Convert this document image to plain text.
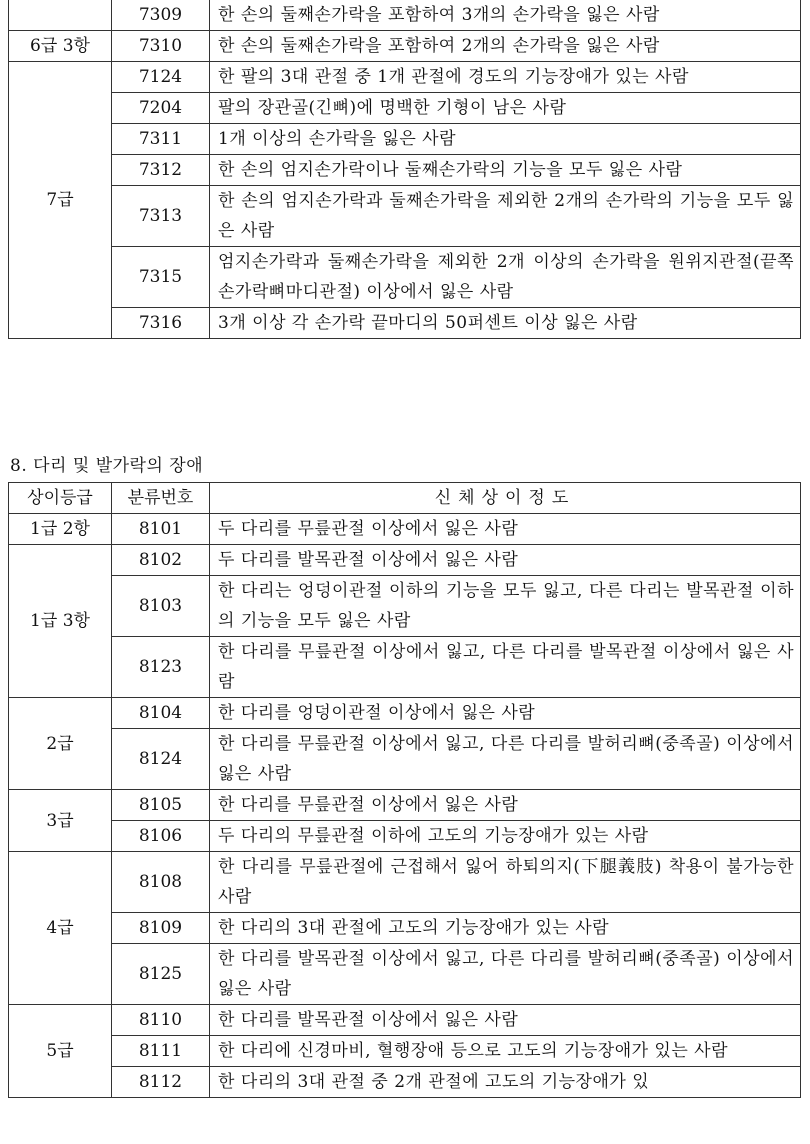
	7309	한 손의 둘째손가락을 포함하여 3개의 손가락을 잃은 사람
6급 3항	7310	한 손의 둘째손가락을 포함하여 2개의 손가락을 잃은 사람
7급	7124	한 팔의 3대 관절 중 1개 관절에 경도의 기능장애가 있는 사람
	7204	팔의 장관골(긴뼈)에 명백한 기형이 남은 사람
	7311	1개 이상의 손가락을 잃은 사람
	7312	한 손의 엄지손가락이나 둘째손가락의 기능을 모두 잃은 사람
	7313	한 손의 엄지손가락과 둘째손가락을 제외한 2개의 손가락의 기능을 모두 잃은 사람
	7315	엄지손가락과 둘째손가락을 제외한 2개 이상의 손가락을 원위지관절(끝쪽손가락뼈마디관절) 이상에서 잃은 사람
	7316	3개 이상 각 손가락 끝마디의 50퍼센트 이상 잃은 사람
8. 다리 및 발가락의 장애
상이등급	분류번호	신체상이정도
1급 2항	8101	두 다리를 무릎관절 이상에서 잃은 사람
1급 3항	8102	두 다리를 발목관절 이상에서 잃은 사람
	8103	한 다리는 엉덩이관절 이하의 기능을 모두 잃고, 다른 다리는 발목관절 이하의 기능을 모두 잃은 사람
	8123	한 다리를 무릎관절 이상에서 잃고, 다른 다리를 발목관절 이상에서 잃은 사람
2급	8104	한 다리를 엉덩이관절 이상에서 잃은 사람
	8124	한 다리를 무릎관절 이상에서 잃고, 다른 다리를 발허리뼈(중족골) 이상에서 잃은 사람
3급	8105	한 다리를 무릎관절 이상에서 잃은 사람
	8106	두 다리의 무릎관절 이하에 고도의 기능장애가 있는 사람
4급	8108	한 다리를 무릎관절에 근접해서 잃어 하퇴의지(下腿義肢) 착용이 불가능한 사람
	8109	한 다리의 3대 관절에 고도의 기능장애가 있는 사람
	8125	한 다리를 발목관절 이상에서 잃고, 다른 다리를 발허리뼈(중족골) 이상에서 잃은 사람
5급	8110	한 다리를 발목관절 이상에서 잃은 사람
	8111	한 다리에 신경마비, 혈행장애 등으로 고도의 기능장애가 있는 사람
	8112	한 다리의 3대 관절 중 2개 관절에 고도의 기능장애가 있
